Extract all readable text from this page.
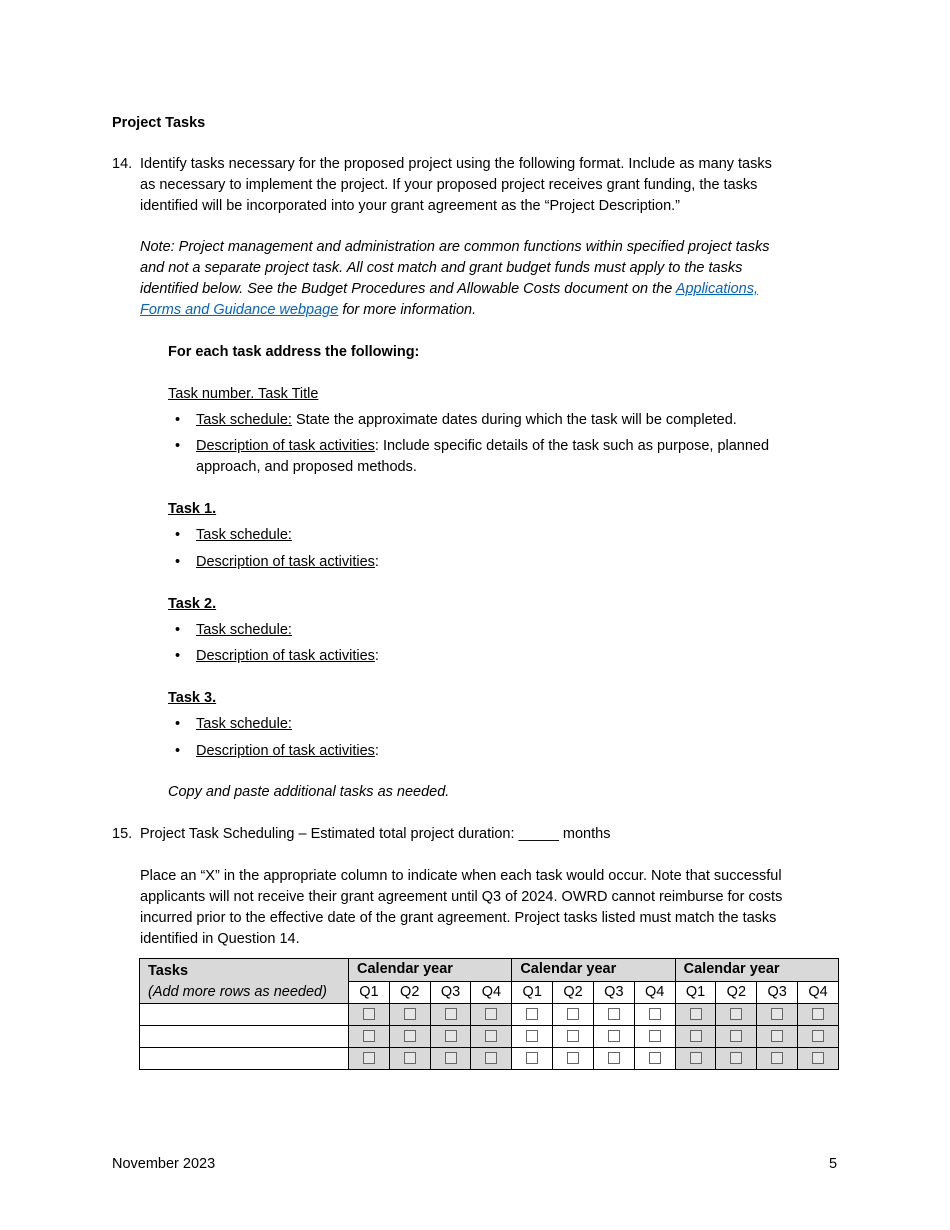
Project Tasks
14. Identify tasks necessary for the proposed project using the following format. Include as many tasks
as necessary to implement the project. If your proposed project receives grant funding, the tasks
identified will be incorporated into your grant agreement as the “Project Description.”
Note: Project management and administration are common functions within specified project tasks
and not a separate project task. All cost match and grant budget funds must apply to the tasks
identified below. See the Budget Procedures and Allowable Costs document on the Applications,
Forms and Guidance webpage for more information.
For each task address the following:
Task number. Task Title
• Task schedule: State the approximate dates during which the task will be completed.
• Description of task activities: Include specific details of the task such as purpose, planned
approach, and proposed methods.
Task 1.
• Task schedule:
• Description of task activities:
Task 2.
• Task schedule:
• Description of task activities:
Task 3.
• Task schedule:
• Description of task activities:
Copy and paste additional tasks as needed.
15. Project Task Scheduling – Estimated total project duration: _____ months
Place an “X” in the appropriate column to indicate when each task would occur. Note that successful
applicants will not receive their grant agreement until Q3 of 2024. OWRD cannot reimburse for costs
incurred prior to the effective date of the grant agreement. Project tasks listed must match the tasks
identified in Question 14.
Tasks
(Add more rows as needed)	Calendar year				Calendar year				Calendar year			
	Q1	Q2	Q3	Q4	Q1	Q2	Q3	Q4	Q1	Q2	Q3	Q4

November 2023	5
